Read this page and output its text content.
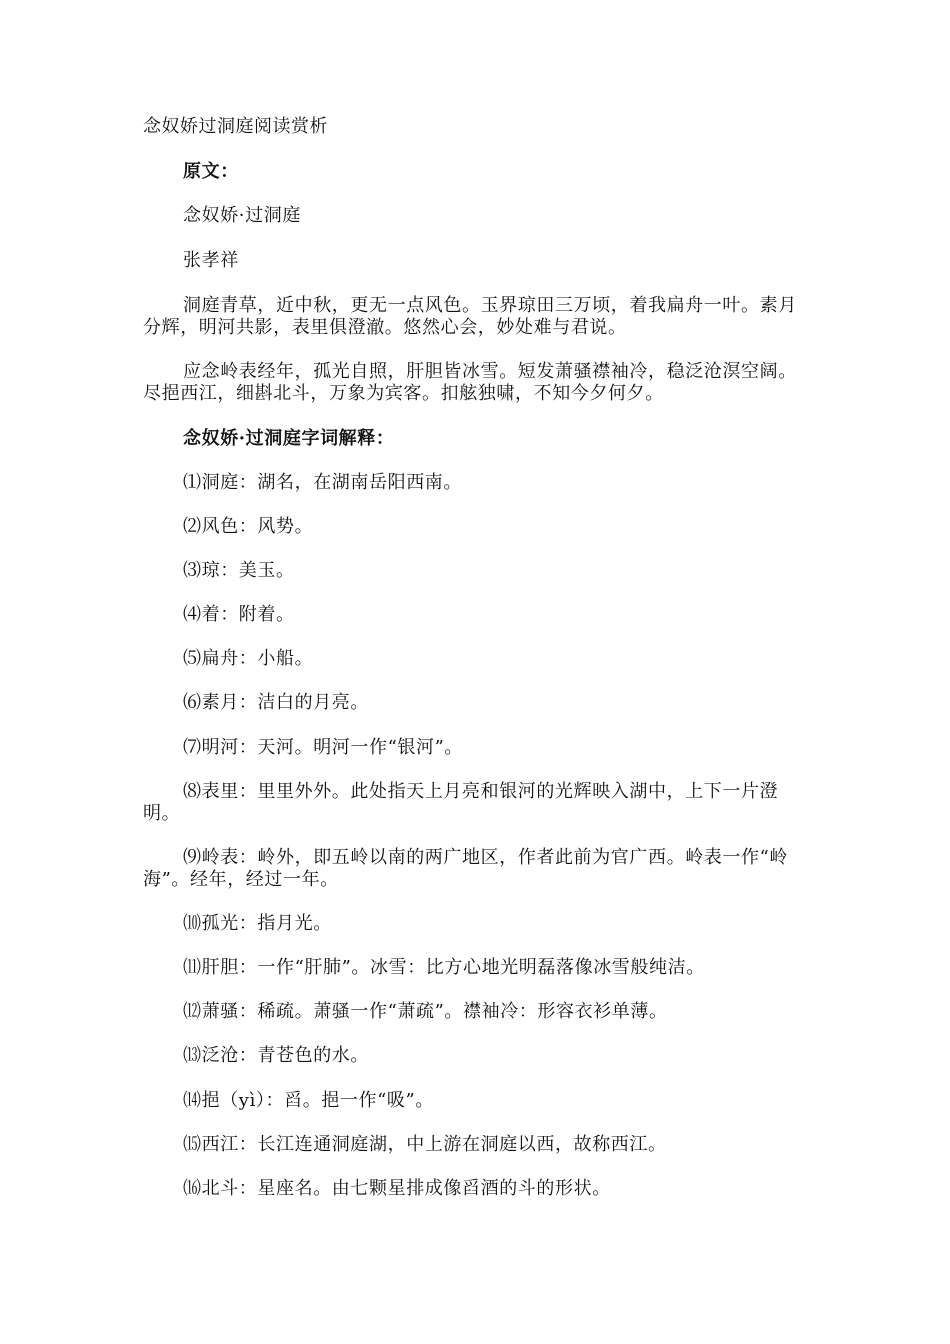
念奴娇过洞庭阅读赏析
原文：
念奴娇·过洞庭
张孝祥
洞庭青草，近中秋，更无一点风色。玉界琼田三万顷，着我扁舟一叶。素月分辉，明河共影，表里俱澄澈。悠然心会，妙处难与君说。
应念岭表经年，孤光自照，肝胆皆冰雪。短发萧骚襟袖冷，稳泛沧溟空阔。尽挹西江，细斟北斗，万象为宾客。扣舷独啸，不知今夕何夕。
念奴娇·过洞庭字词解释：
⑴洞庭：湖名，在湖南岳阳西南。
⑵风色：风势。
⑶琼：美玉。
⑷着：附着。
⑸扁舟：小船。
⑹素月：洁白的月亮。
⑺明河：天河。明河一作“银河”。
⑻表里：里里外外。此处指天上月亮和银河的光辉映入湖中，上下一片澄明。
⑼岭表：岭外，即五岭以南的两广地区，作者此前为官广西。岭表一作“岭海”。经年，经过一年。
⑽孤光：指月光。
⑾肝胆：一作“肝肺”。冰雪：比方心地光明磊落像冰雪般纯洁。
⑿萧骚：稀疏。萧骚一作“萧疏”。襟袖冷：形容衣衫单薄。
⒀泛沧：青苍色的水。
⒁挹（yì）：舀。挹一作“吸”。
⒂西江：长江连通洞庭湖，中上游在洞庭以西，故称西江。
⒃北斗：星座名。由七颗星排成像舀酒的斗的形状。
